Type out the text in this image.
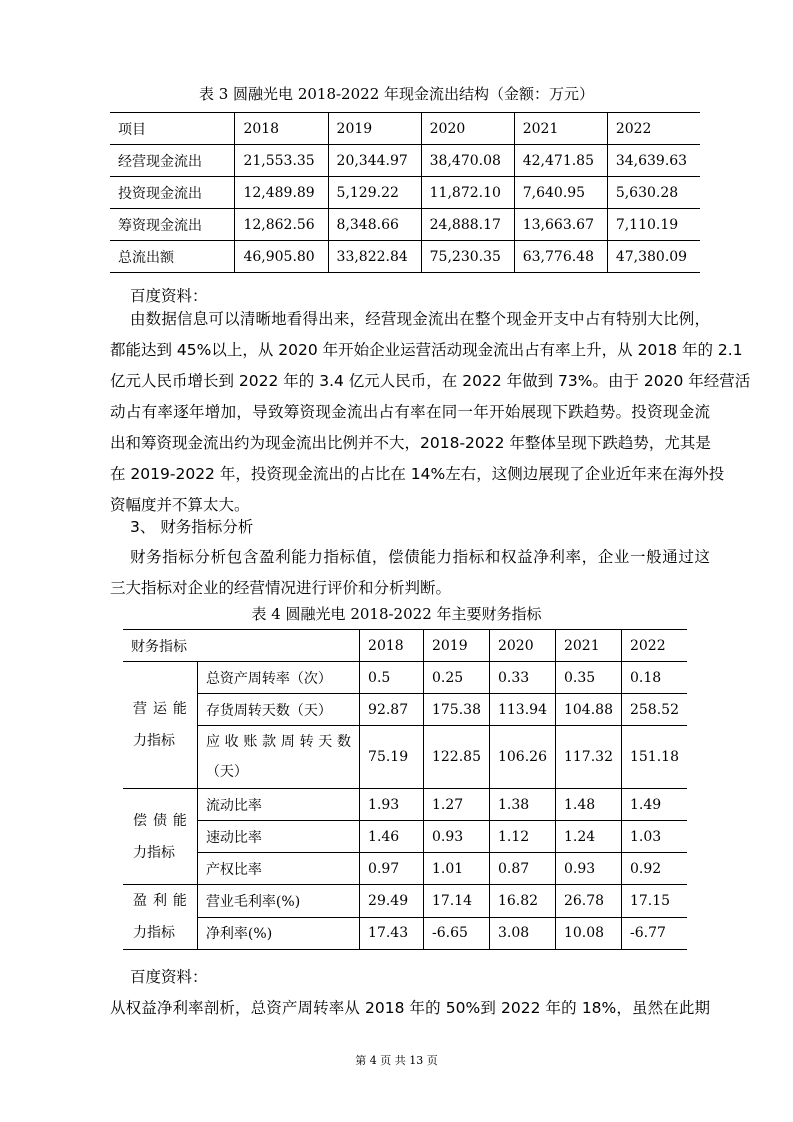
表 3 圆融光电 2018-2022 年现金流出结构（金额：万元）
项目	2018	2019	2020	2021	2022
经营现金流出	21,553.35	20,344.97	38,470.08	42,471.85	34,639.63
投资现金流出	12,489.89	5,129.22	11,872.10	7,640.95	5,630.28
筹资现金流出	12,862.56	8,348.66	24,888.17	13,663.67	7,110.19
总流出额	46,905.80	33,822.84	75,230.35	63,776.48	47,380.09
百度资料：
由数据信息可以清晰地看得出来，经营现金流出在整个现金开支中占有特别大比例，
都能达到 45%以上，从 2020 年开始企业运营活动现金流出占有率上升，从 2018 年的 2.1
亿元人民币增长到 2022 年的 3.4 亿元人民币，在 2022 年做到 73%。由于 2020 年经营活
动占有率逐年增加，导致筹资现金流出占有率在同一年开始展现下跌趋势。投资现金流
出和筹资现金流出约为现金流出比例并不大，2018-2022 年整体呈现下跌趋势，尤其是
在 2019-2022 年，投资现金流出的占比在 14%左右，这侧边展现了企业近年来在海外投
资幅度并不算太大。
3、 财务指标分析
财务指标分析包含盈利能力指标值，偿债能力指标和权益净利率，企业一般通过这
三大指标对企业的经营情况进行评价和分析判断。
表 4 圆融光电 2018-2022 年主要财务指标
财务指标		2018	2019	2020	2021	2022

营 运 能
力指标	总资产周转率（次）	0.5	0.25	0.33	0.35	0.18
	存货周转天数（天）	92.87	175.38	113.94	104.88	258.52

	应收账款周转天数
（天）	75.19	122.85	106.26	117.32	151.18

偿 债 能
力指标	流动比率	1.93	1.27	1.38	1.48	1.49
	速动比率	1.46	0.93	1.12	1.24	1.03
	产权比率	0.97	1.01	0.87	0.93	0.92

盈 利 能
力指标	营业毛利率(%)	29.49	17.14	16.82	26.78	17.15
	净利率(%)	17.43	-6.65	3.08	10.08	-6.77
百度资料：
从权益净利率剖析，总资产周转率从 2018 年的 50%到 2022 年的 18%，虽然在此期
第 4 页 共 13 页
